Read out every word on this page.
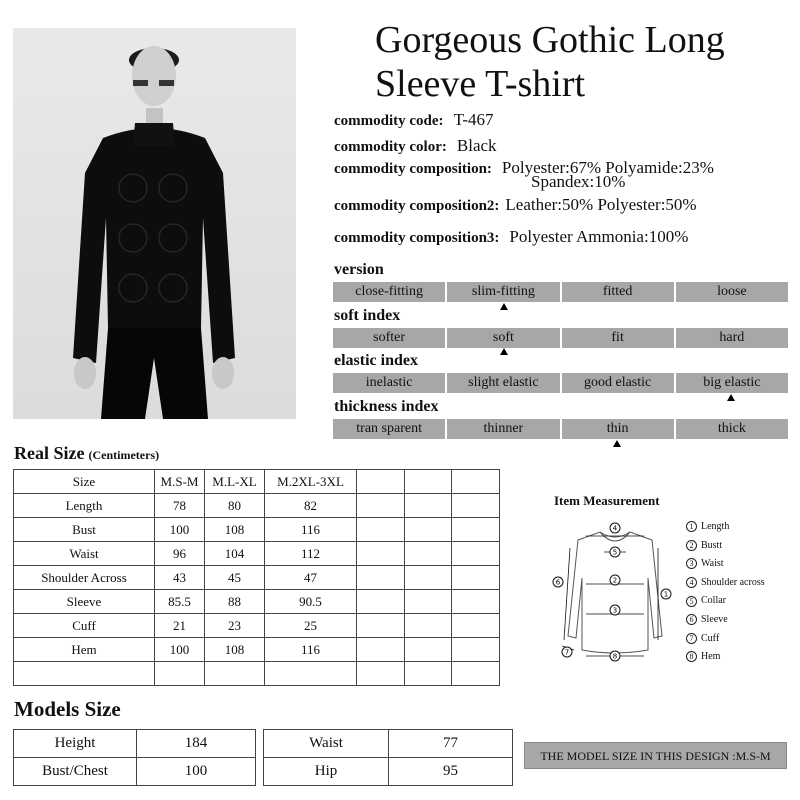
Gorgeous Gothic Long Sleeve T-shirt
commodity code: T-467
commodity color: Black
commodity composition: Polyester:67% Polyamide:23%
Spandex:10%
commodity composition2: Leather:50% Polyester:50%
commodity composition3: Polyester Ammonia:100%
version
close-fitting	slim-fitting	fitted	loose
soft index
softer	soft	fit	hard
elastic index
inelastic	slight elastic	good elastic	big elastic
thickness index
tran sparent	thinner	thin	thick
Real Size (Centimeters)
Size	M.S-M	M.L-XL	M.2XL-3XL			
Length	78	80	82			
Bust	100	108	116			
Waist	96	104	112			
Shoulder Across	43	45	47			
Sleeve	85.5	88	90.5			
Cuff	21	23	25			
Hem	100	108	116			

Item Measurement
4
5
2
3
8
1
6
7
1 Length
2 Bustt
3 Waist
4 Shoulder across
5 Collar
6 Sleeve
7 Cuff
8 Hem
Models Size
Height	184
Bust/Chest	100
Waist	77
Hip	95
THE MODEL SIZE IN THIS DESIGN :M.S-M
